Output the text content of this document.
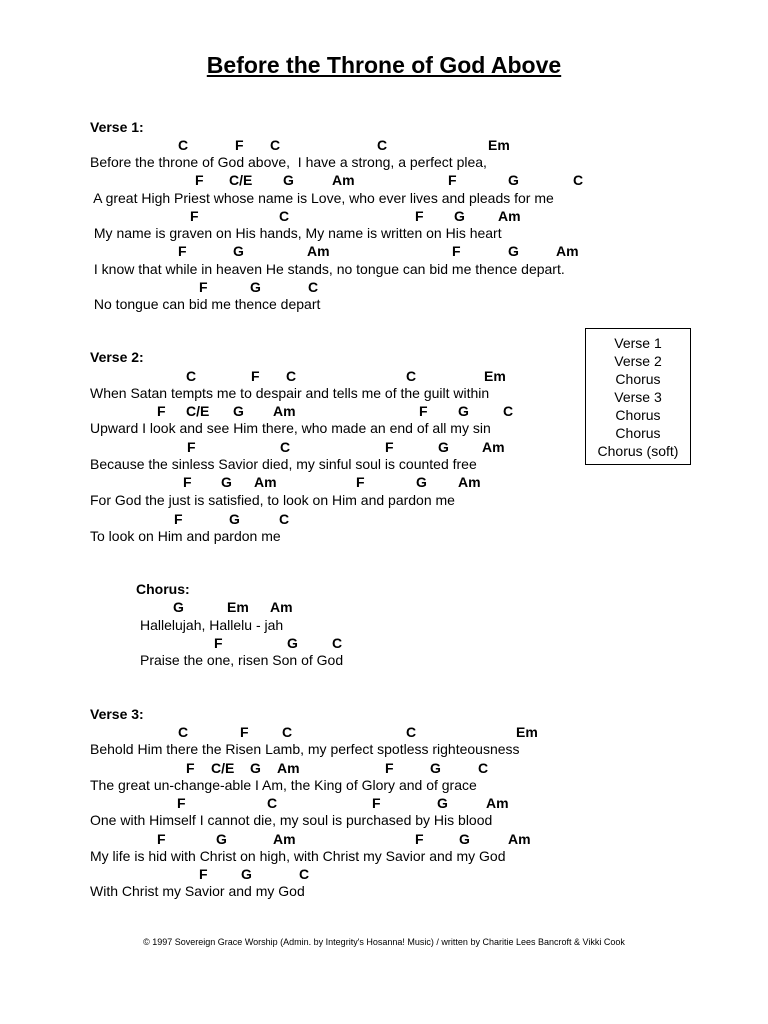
Before the Throne of God Above
Verse 1:
C	F C	C	Em
Before the throne of God above,  I have a strong, a perfect plea,
F C/E G	Am	F	G	C
A great High Priest whose name is Love, who ever lives and pleads for me
F	C	F G Am
My name is graven on His hands, My name is written on His heart
F	G	Am	F	G	Am
I know that while in heaven He stands, no tongue can bid me thence depart.
F	G	C
No tongue can bid me thence depart
Verse 1
Verse 2
Chorus
Verse 3
Chorus
Chorus
Chorus (soft)
Verse 2:
C	F C	C	Em
When Satan tempts me to despair and tells me of the guilt within
F C/E G Am	F G C
Upward I look and see Him there, who made an end of all my sin
F	C	F	G Am
Because the sinless Savior died, my sinful soul is counted free
F G Am	F	G Am
For God the just is satisfied, to look on Him and pardon me
F	G	C
To look on Him and pardon me
Chorus:
G	Em Am
Hallelujah, Hallelu - jah
F	G C
Praise the one, risen Son of God
Verse 3:
C	F C	C	Em
Behold Him there the Risen Lamb, my perfect spotless righteousness
F C/E G Am	F	G	C
The great un-change-able I Am, the King of Glory and of grace
F	C	F	G	Am
One with Himself I cannot die, my soul is purchased by His blood
F	G	Am	F	G	Am
My life is hid with Christ on high, with Christ my Savior and my God
F G	C
With Christ my Savior and my God
© 1997 Sovereign Grace Worship (Admin. by Integrity's Hosanna! Music) / written by Charitie Lees Bancroft & Vikki Cook
